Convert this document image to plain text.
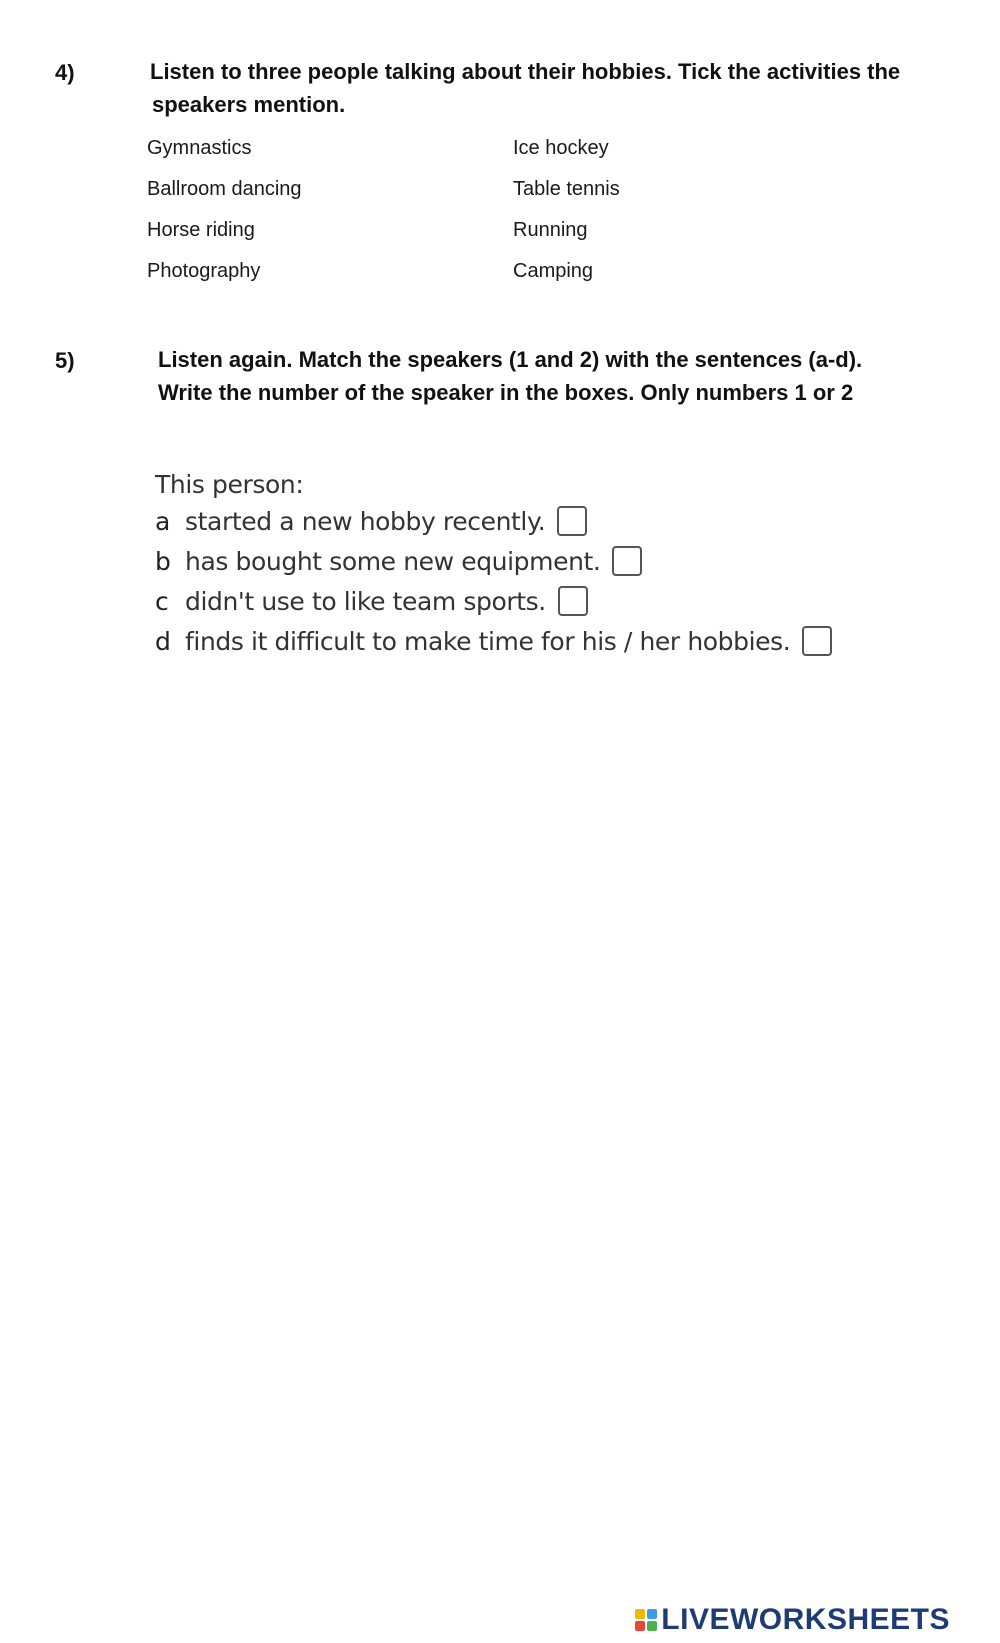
4)	Listen to three people talking about their hobbies. Tick the activities the
speakers mention.
Gymnastics
Ballroom dancing
Horse riding
Photography
Ice hockey
Table tennis
Running
Camping
5)	Listen again. Match the speakers (1 and 2) with the sentences (a-d).
Write the number of the speaker in the boxes. Only numbers 1 or 2
This person:
a started a new hobby recently.
b has bought some new equipment.
c didn't use to like team sports.
d finds it difficult to make time for his / her hobbies.
LIVEWORKSHEETS
